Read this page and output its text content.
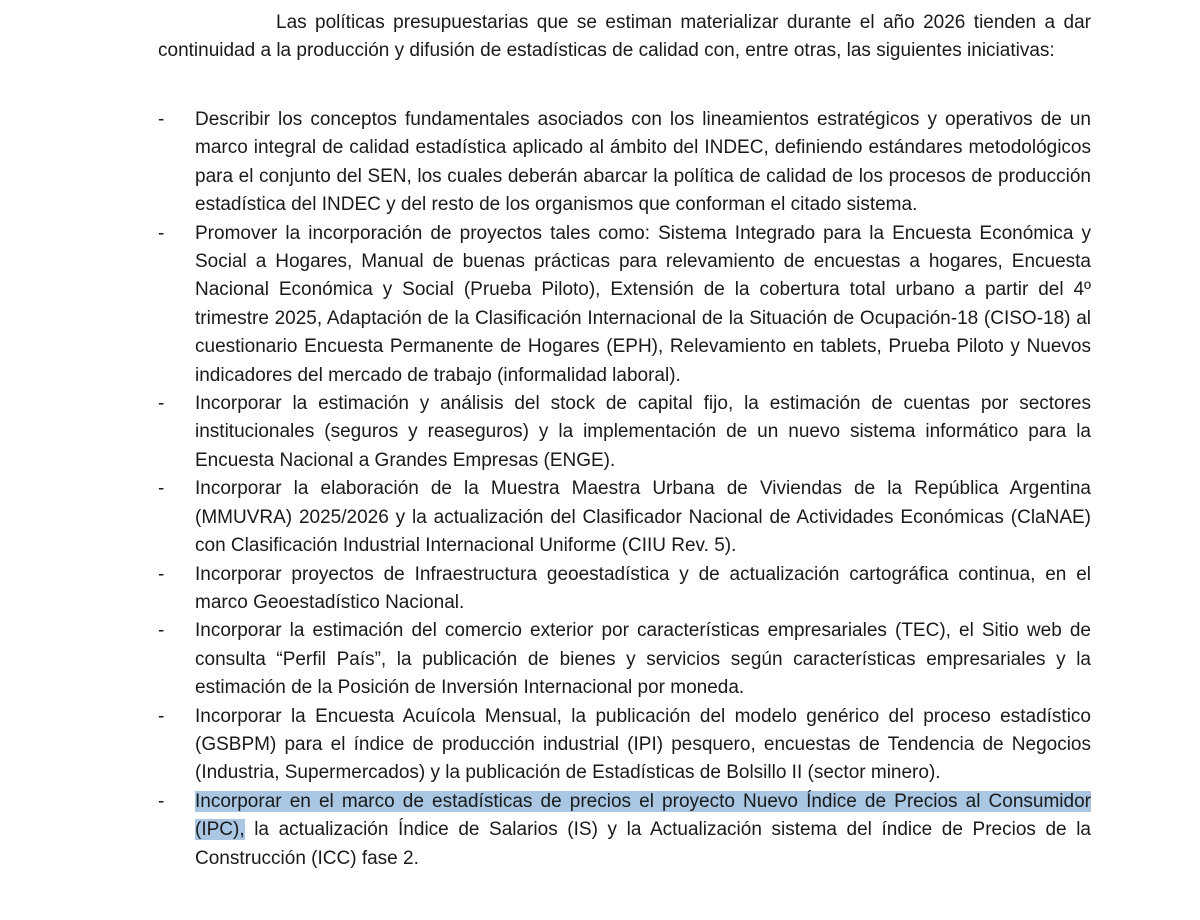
Las políticas presupuestarias que se estiman materializar durante el año 2026 tienden a dar continuidad a la producción y difusión de estadísticas de calidad con, entre otras, las siguientes iniciativas:

- Describir los conceptos fundamentales asociados con los lineamientos estratégicos y operativos de un marco integral de calidad estadística aplicado al ámbito del INDEC, definiendo estándares metodológicos para el conjunto del SEN, los cuales deberán abarcar la política de calidad de los procesos de producción estadística del INDEC y del resto de los organismos que conforman el citado sistema.
- Promover la incorporación de proyectos tales como: Sistema Integrado para la Encuesta Económica y Social a Hogares, Manual de buenas prácticas para relevamiento de encuestas a hogares, Encuesta Nacional Económica y Social (Prueba Piloto), Extensión de la cobertura total urbano a partir del 4º trimestre 2025, Adaptación de la Clasificación Internacional de la Situación de Ocupación-18 (CISO-18) al cuestionario Encuesta Permanente de Hogares (EPH), Relevamiento en tablets, Prueba Piloto y Nuevos indicadores del mercado de trabajo (informalidad laboral).
- Incorporar la estimación y análisis del stock de capital fijo, la estimación de cuentas por sectores institucionales (seguros y reaseguros) y la implementación de un nuevo sistema informático para la Encuesta Nacional a Grandes Empresas (ENGE).
- Incorporar la elaboración de la Muestra Maestra Urbana de Viviendas de la República Argentina (MMUVRA) 2025/2026 y la actualización del Clasificador Nacional de Actividades Económicas (ClaNAE) con Clasificación Industrial Internacional Uniforme (CIIU Rev. 5).
- Incorporar proyectos de Infraestructura geoestadística y de actualización cartográfica continua, en el marco Geoestadístico Nacional.
- Incorporar la estimación del comercio exterior por características empresariales (TEC), el Sitio web de consulta “Perfil País”, la publicación de bienes y servicios según características empresariales y la estimación de la Posición de Inversión Internacional por moneda.
- Incorporar la Encuesta Acuícola Mensual, la publicación del modelo genérico del proceso estadístico (GSBPM) para el índice de producción industrial (IPI) pesquero, encuestas de Tendencia de Negocios (Industria, Supermercados) y la publicación de Estadísticas de Bolsillo II (sector minero).
- Incorporar en el marco de estadísticas de precios el proyecto Nuevo Índice de Precios al Consumidor (IPC), la actualización Índice de Salarios (IS) y la Actualización sistema del índice de Precios de la Construcción (ICC) fase 2.
